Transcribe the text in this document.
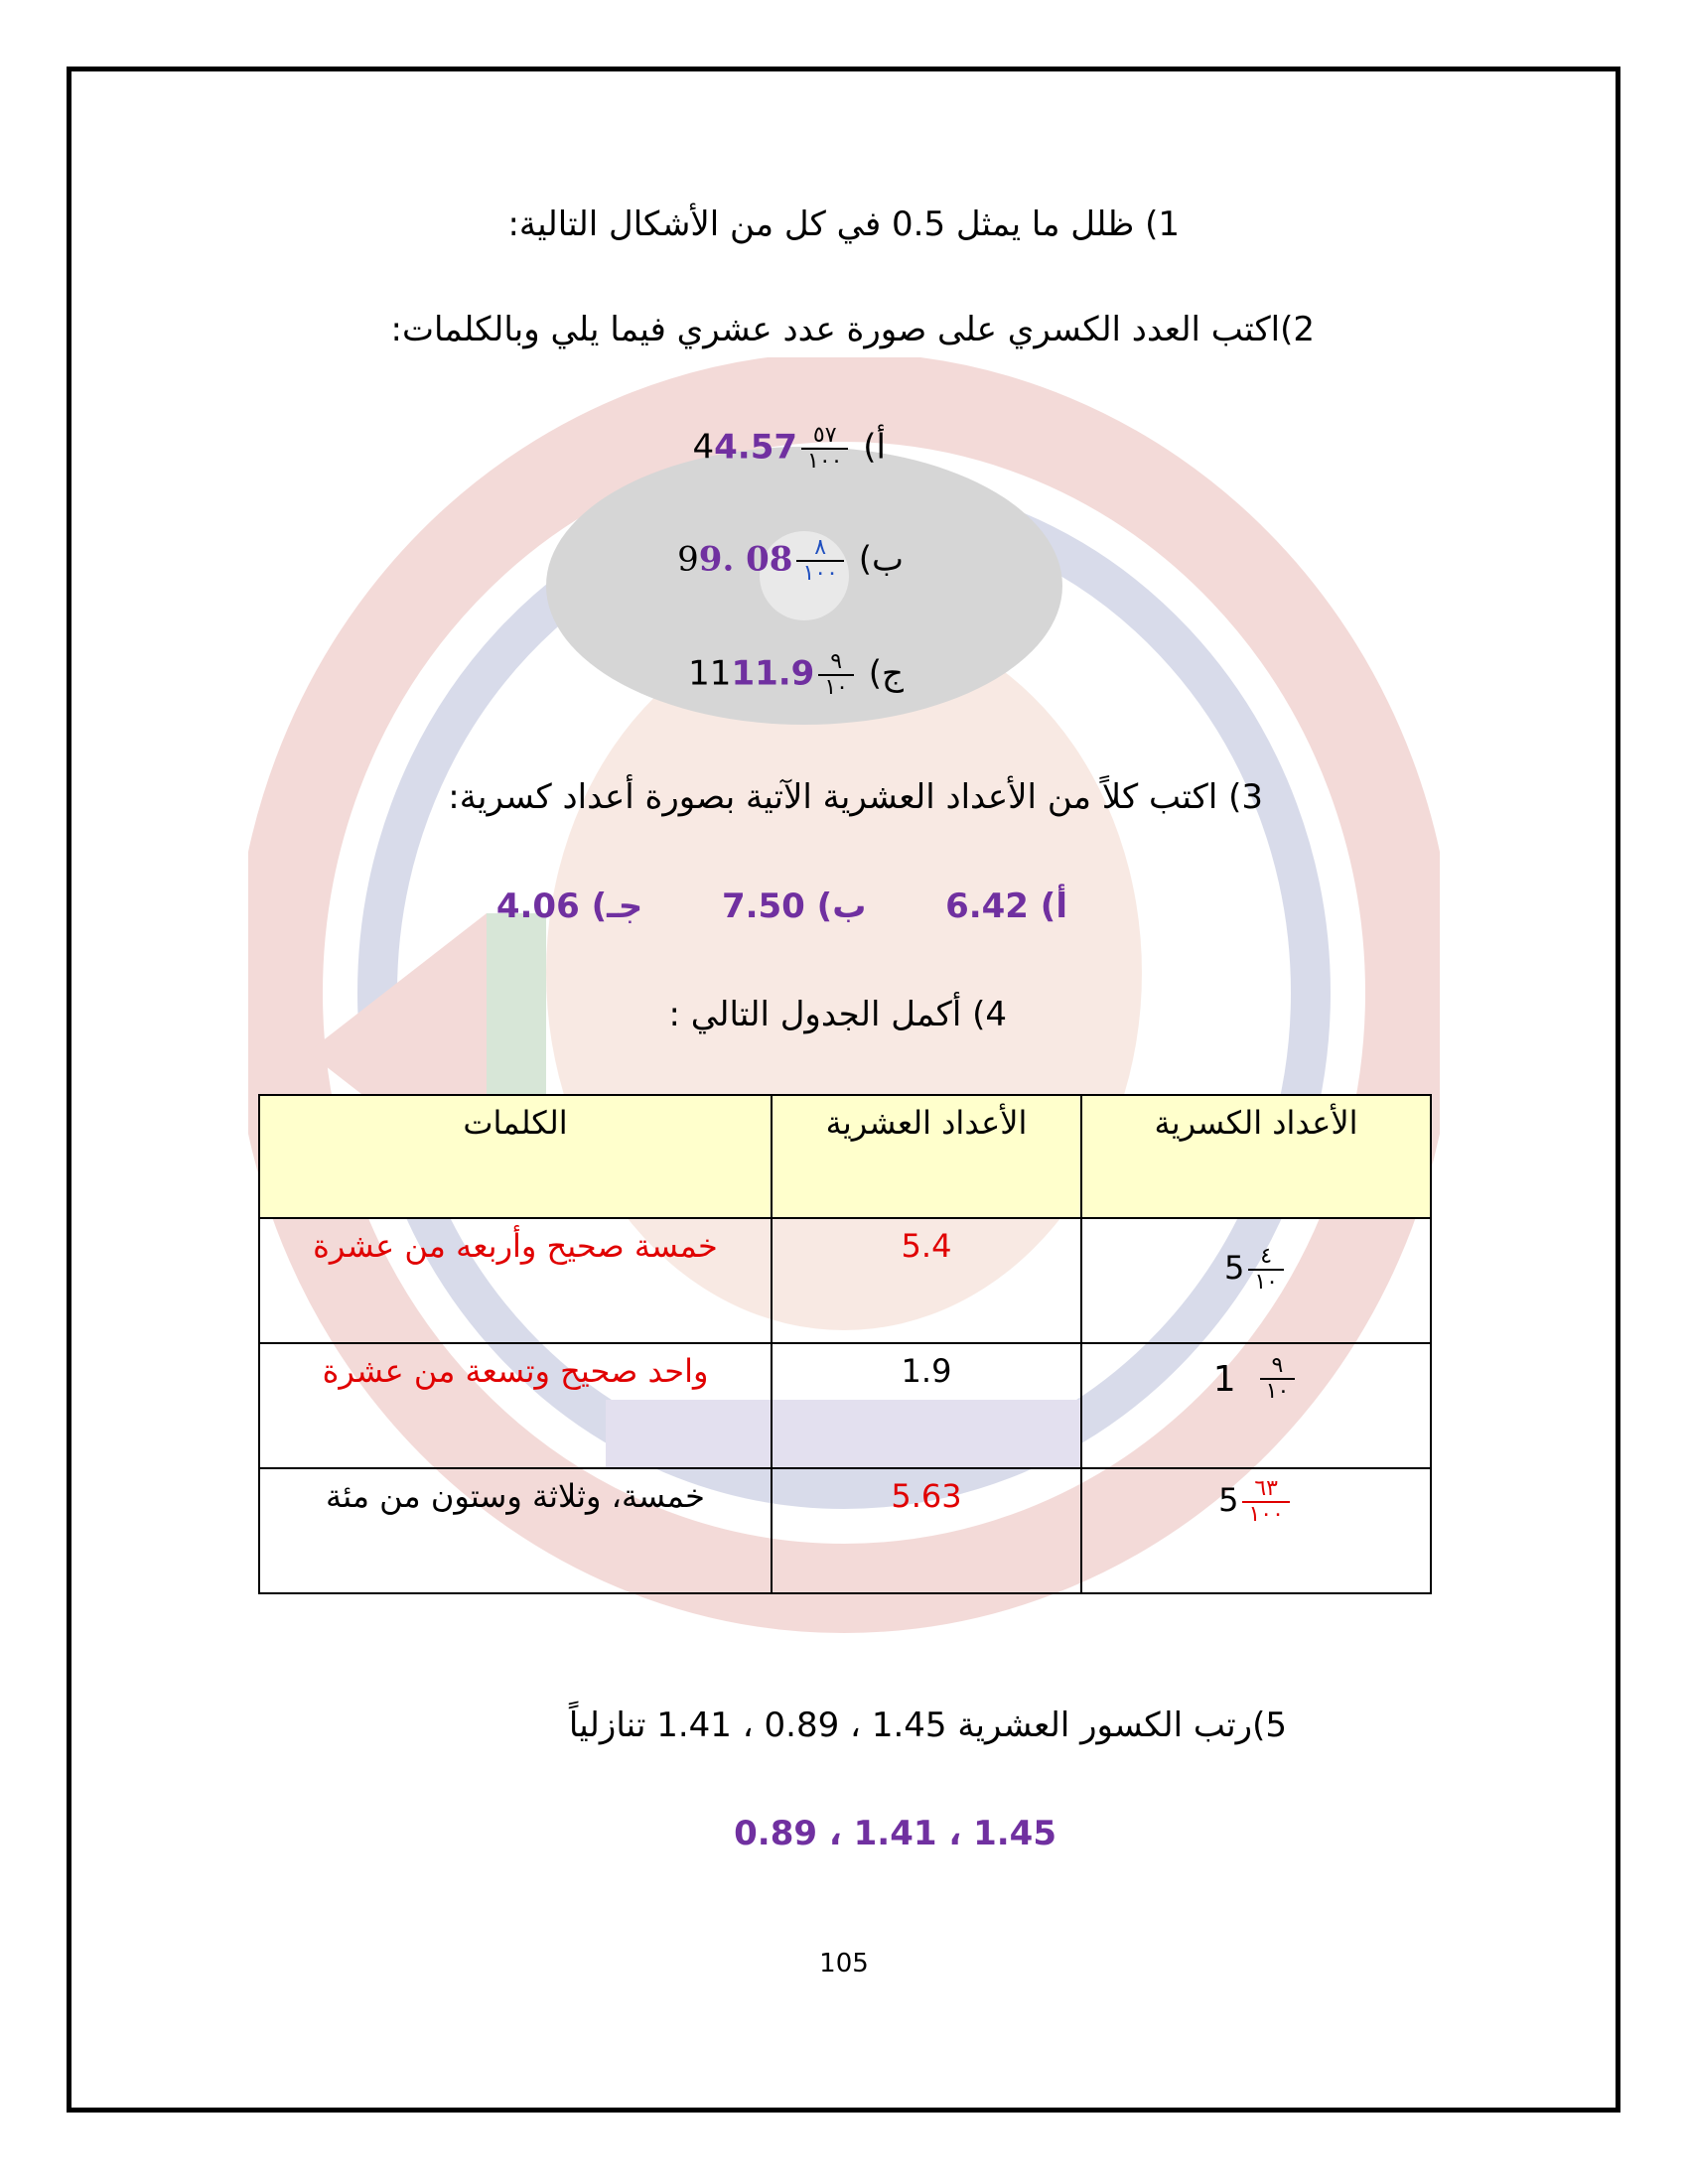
1) ظلل ما يمثل 0.5 في كل من الأشكال التالية:
2)اكتب العدد الكسري على صورة عدد عشري فيما يلي وبالكلمات:
أ)
$\frac{٥٧}{١٠٠}$
44.57
ب)
$\frac{٨}{١٠٠}$
99. 08
ج)
$\frac{٩}{١٠}$
1111.9
3) اكتب كلاً من الأعداد العشرية الآتية بصورة أعداد كسرية:
أ) 6.42  ب) 7.50  جـ) 4.06
4) أكمل الجدول التالي :
الأعداد الكسرية	الأعداد العشرية	الكلمات

$5 \frac{٤}{١٠}$	5.4	خمسة صحيح وأربعه من عشرة

$1 \frac{٩}{١٠}$	1.9	واحد صحيح وتسعة من عشرة

$5 \frac{٦٣}{١٠٠}$	5.63	خمسة، وثلاثة وستون من مئة
5)رتب الكسور العشرية 1.45 ، 0.89 ، 1.41 تنازلياً
1.45 ، 1.41 ، 0.89
105
